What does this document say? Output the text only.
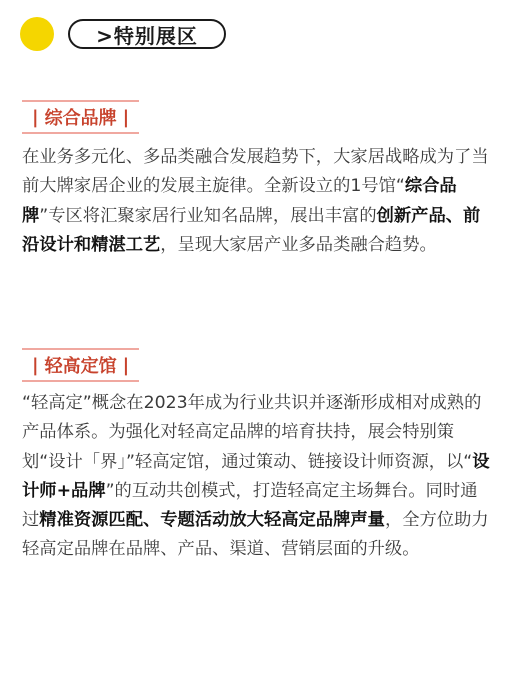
>特别展区
| 综合品牌 |
在业务多元化、多品类融合发展趋势下，大家居战略成为了当前大牌家居企业的发展主旋律。全新设立的1号馆“综合品牌”专区将汇聚家居行业知名品牌，展出丰富的创新产品、前沿设计和精湛工艺，呈现大家居产业多品类融合趋势。
| 轻高定馆 |
“轻高定”概念在2023年成为行业共识并逐渐形成相对成熟的产品体系。为强化对轻高定品牌的培育扶持，展会特别策划“设计「界」”轻高定馆，通过策动、链接设计师资源，以“设计师+品牌”的互动共创模式，打造轻高定主场舞台。同时通过精准资源匹配、专题活动放大轻高定品牌声量，全方位助力轻高定品牌在品牌、产品、渠道、营销层面的升级。
